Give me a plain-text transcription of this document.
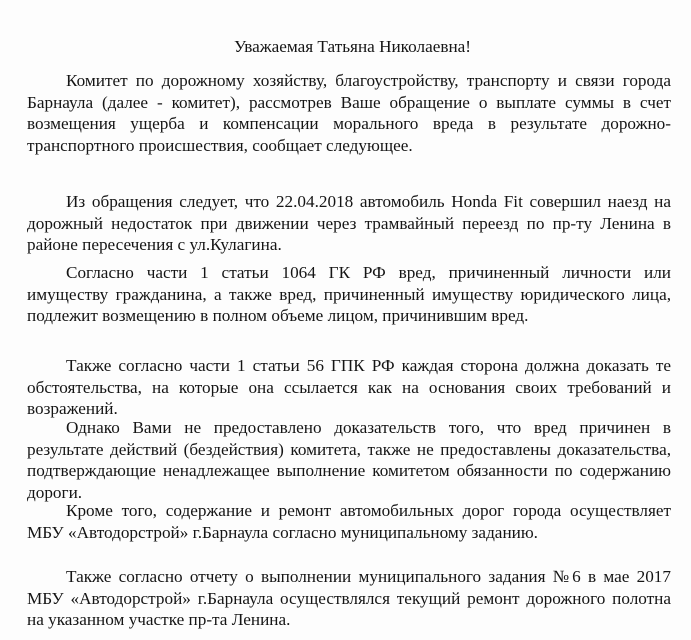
Уважаемая Татьяна Николаевна!

Комитет по дорожному хозяйству, благоустройству, транспорту и связи города Барнаула (далее - комитет), рассмотрев Ваше обращение о выплате суммы в счет возмещения ущерба и компенсации морального вреда в результате дорожно-транспортного происшествия, сообщает следующее.

Из обращения следует, что 22.04.2018 автомобиль Honda Fit совершил наезд на дорожный недостаток при движении через трамвайный переезд по пр-ту Ленина в районе пересечения с ул.Кулагина.

Согласно части 1 статьи 1064 ГК РФ вред, причиненный личности или имуществу гражданина, а также вред, причиненный имуществу юридического лица, подлежит возмещению в полном объеме лицом, причинившим вред.

Также согласно части 1 статьи 56 ГПК РФ каждая сторона должна доказать те обстоятельства, на которые она ссылается как на основания своих требований и возражений.

Однако Вами не предоставлено доказательств того, что вред причинен в результате действий (бездействия) комитета, также не предоставлены доказательства, подтверждающие ненадлежащее выполнение комитетом обязанности по содержанию дороги.

Кроме того, содержание и ремонт автомобильных дорог города осуществляет МБУ «Автодорстрой» г.Барнаула согласно муниципальному заданию.

Также согласно отчету о выполнении муниципального задания №6 в мае 2017 МБУ «Автодорстрой» г.Барнаула осуществлялся текущий ремонт дорожного полотна на указанном участке пр-та Ленина.
